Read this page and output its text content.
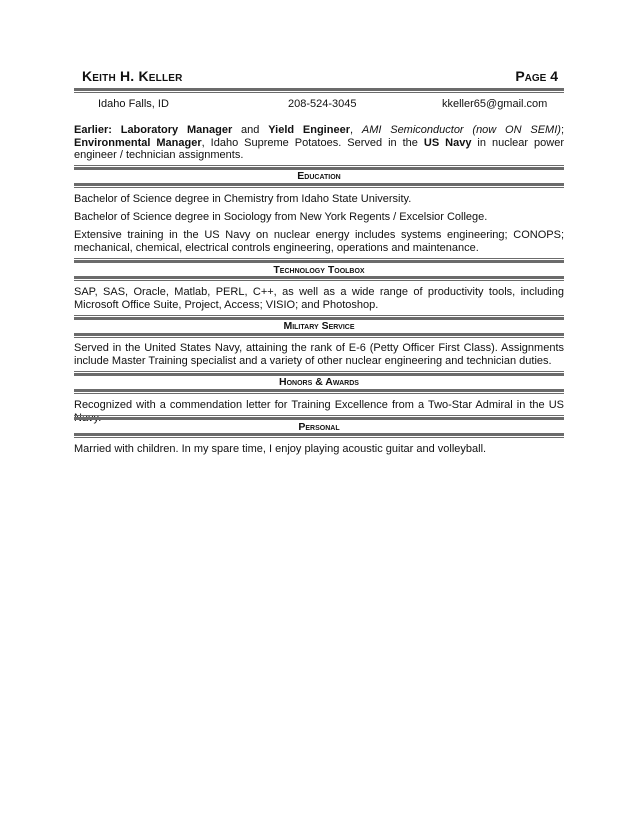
Keith H. Keller	Page 4
Idaho Falls, ID	208-524-3045	kkeller65@gmail.com
Earlier: Laboratory Manager and Yield Engineer, AMI Semiconductor (now ON SEMI); Environmental Manager, Idaho Supreme Potatoes. Served in the US Navy in nuclear power engineer / technician assignments.
Education
Bachelor of Science degree in Chemistry from Idaho State University.
Bachelor of Science degree in Sociology from New York Regents / Excelsior College.
Extensive training in the US Navy on nuclear energy includes systems engineering; CONOPS; mechanical, chemical, electrical controls engineering, operations and maintenance.
Technology Toolbox
SAP, SAS, Oracle, Matlab, PERL, C++, as well as a wide range of productivity tools, including Microsoft Office Suite, Project, Access; VISIO; and Photoshop.
Military Service
Served in the United States Navy, attaining the rank of E-6 (Petty Officer First Class). Assignments include Master Training specialist and a variety of other nuclear engineering and technician duties.
Honors & Awards
Recognized with a commendation letter for Training Excellence from a Two-Star Admiral in the US
Personal
Married with children. In my spare time, I enjoy playing acoustic guitar and volleyball.
